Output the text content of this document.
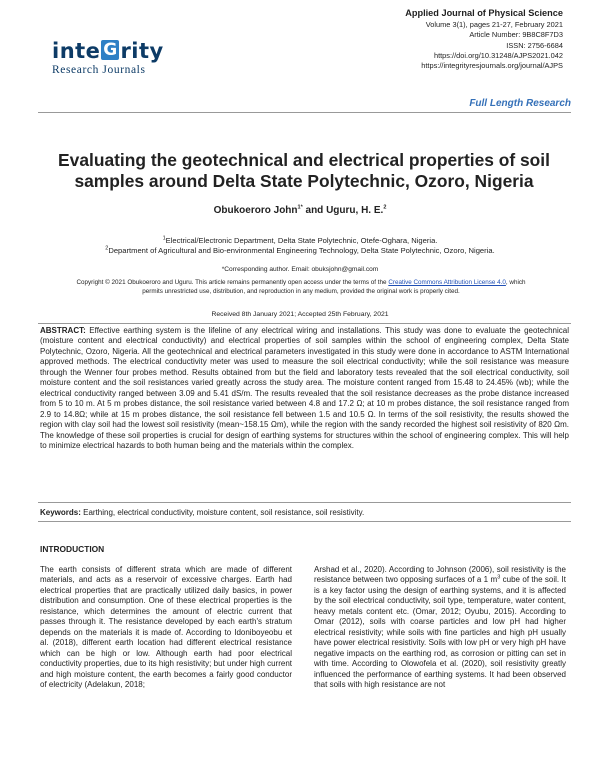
inte G rity
Research Journals
Applied Journal of Physical Science
Volume 3(1), pages 21-27, February 2021
Article Number: 9B8C8F7D3
ISSN: 2756-6684
https://doi.org/10.31248/AJPS2021.042
https://integrityresjournals.org/journal/AJPS
Full Length Research
Evaluating the geotechnical and electrical properties of soil samples around Delta State Polytechnic, Ozoro, Nigeria
Obukoeroro John$^{1*}$ and Uguru, H. E.$^2$
$^1$Electrical/Electronic Department, Delta State Polytechnic, Otefe-Oghara, Nigeria.
$^2$Department of Agricultural and Bio-environmental Engineering Technology, Delta State Polytechnic, Ozoro, Nigeria.
*Corresponding author. Email: obuksjohn@gmail.com
Copyright © 2021 Obukoeroro and Uguru. This article remains permanently open access under the terms of the Creative Commons Attribution License 4.0, which permits unrestricted use, distribution, and reproduction in any medium, provided the original work is properly cited.
Received 8th January 2021; Accepted 25th February, 2021
ABSTRACT: Effective earthing system is the lifeline of any electrical wiring and installations. This study was done to evaluate the geotechnical (moisture content and electrical conductivity) and electrical properties of soil samples within the school of engineering complex, Delta State Polytechnic, Ozoro, Nigeria. All the geotechnical and electrical parameters investigated in this study were done in accordance to ASTM International approved methods. The electrical conductivity meter was used to measure the soil electrical conductivity; while the soil resistance was measure through the Wenner four probes method. Results obtained from but the field and laboratory tests revealed that the soil electrical conductivity, soil moisture content and the soil resistances varied greatly across the study area. The moisture content ranged from 15.48 to 24.45% (wb); while the electrical conductivity ranged between 3.09 and 5.41 dS/m. The results revealed that the soil resistance decreases as the probe distance increased from 5 to 10 m. At 5 m probes distance, the soil resistance varied between 4.8 and 17.2 Ω; at 10 m probes distance, the soil resistance ranged from 2.9 to 14.8Ω; while at 15 m probes distance, the soil resistance fell between 1.5 and 10.5 Ω. In terms of the soil resistivity, the results showed the region with clay soil had the lowest soil resistivity (mean~158.15 Ωm), while the region with the sandy recorded the highest soil resistivity of 820 Ωm. The knowledge of these soil properties is crucial for design of earthing systems for structures within the school of engineering complex. This will help to minimize electrical hazards to both human being and the materials within the complex.
Keywords: Earthing, electrical conductivity, moisture content, soil resistance, soil resistivity.
INTRODUCTION
The earth consists of different strata which are made of different materials, and acts as a reservoir of excessive charges. Earth had electrical properties that are practically utilized daily basics, in power distribution and consumption. One of these electrical properties is the resistance, which determines the amount of electric current that passes through it. The resistance developed by each earth's stratum depends on the materials it is made of. According to Idoniboyeobu et al. (2018), different earth location had different electrical resistance which can be high or low. Although earth had poor electrical conductivity properties, due to its high resistivity; but under high current and high moisture content, the earth becomes a fairly good conductor of electricity (Adelakun, 2018;
Arshad et al., 2020). According to Johnson (2006), soil resistivity is the resistance between two opposing surfaces of a 1 $m^3$ cube of the soil. It is a key factor using the design of earthing systems, and it is affected by the soil electrical conductivity, soil type, temperature, water content, heavy metals content etc. (Omar, 2012; Oyubu, 2015). According to Omar (2012), soils with coarse particles and low pH had higher electrical resistivity; while soils with fine particles and high pH usually have power electrical resistivity. Soils with low pH or very high pH have negative impacts on the earthing rod, as corrosion or pitting can set in with time. According to Olowofela et al. (2020), soil resistivity greatly influenced the performance of earthing systems. It had been observed that soils with high resistance are not
